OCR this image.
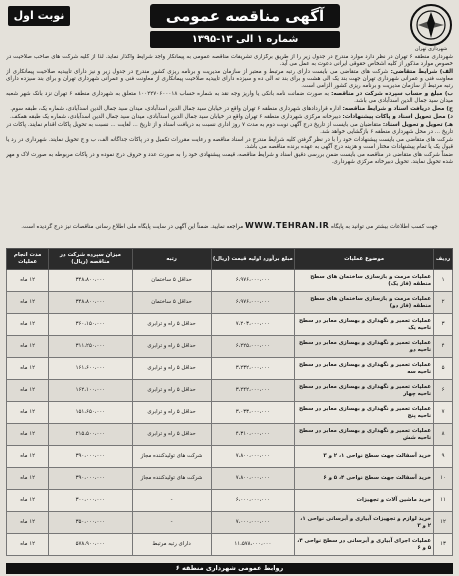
شهرداری تهران
آگهی مناقصه عمومی
شماره ۱ الی ۱۳-۱۳۹۵
نوبت اول

شهرداری منطقه ۶ تهران در نظر دارد موارد مندرج در جدول زیر را از طریق برگزاری تشریفات مناقصه عمومی به پیمانکار واجد شرایط واگذار نماید. لذا از کلیه شرکت های صاحب صلاحیت در خصوص موارد مذکور از کلیه اشخاص حقوقی ایرانی دعوت به عمل می آید.

الف) شرایط متقاضی: شرکت های متقاضی می بایست دارای رتبه مرتبط و معتبر از سازمان مدیریت و برنامه ریزی کشور مندرج در جدول زیر و نیز دارای تاییدیه صلاحیت پیمانکاری از معاونت فنی و عمرانی شهرداری تهران جهت بند یک الی هشت و برای بند نه الی ده و سیزده دارای تاییدیه صلاحیت پیمانکاری از معاونت فنی و عمرانی شهرداری تهران و برای بند سیزده دارای رتبه مرتبط از سازمان مدیریت و برنامه ریزی کشور الزامی است.

ب) مبلغ و حساب سپرده شرکت در مناقصه: به صورت ضمانت نامه بانکی یا واریز وجه نقد به شماره حساب ۱۰۰۲۲۷۰۶۰۰۰۱۸ متعلق به شهرداری منطقه ۶ تهران نزد بانک شهر شعبه میدان سید جمال الدین اسدآبادی می باشد.

ج) محل دریافت اسناد و شرایط مناقصه: اداره قراردادهای شهرداری منطقه ۶ تهران واقع در خیابان سید جمال الدین اسدآبادی، میدان سید جمال الدین اسدآبادی، شماره یک، طبقه سوم.

د) محل تحویل اسناد و پاکات پیشنهادات: دبیرخانه مرکزی شهرداری منطقه ۶ تهران واقع در خیابان سید جمال الدین اسدآبادی، میدان سید جمال الدین اسدآبادی، شماره یک طبقه همکف.

هـ) تحویل و تحویل اسناد: متقاضیان می بایست از تاریخ درج آگهی نوبت دوم به مدت ۷ روز اداری نسبت به دریافت اسناد و از تاریخ ... لغایت ... نسبت به تحویل پاکات اقدام نمایند. پاکات در تاریخ ... در محل شهرداری منطقه ۶ بازگشایی خواهد شد.

شرکت های متقاضی می بایست پیشنهادات خود را با در نظر گرفتن کلیه شرایط مندرج در اسناد مناقصه و رعایت مقررات تکمیل و در پاکات جداگانه الف، ب و ج تحویل نمایند. شهرداری در رد یا قبول یک یا تمام پیشنهادات مختار است و هزینه درج آگهی به عهده برنده مناقصه می باشد.

ضمناً شرکت های متقاضی در مناقصه می بایست ضمن بررسی دقیق اسناد و شرایط مناقصه، قیمت پیشنهادی خود را به صورت عدد و حروف درج نموده و در پاکات مربوطه به صورت لاک و مهر شده تحویل نمایند. تحویل دبیرخانه مرکزی شهرداری.

جهت کسب اطلاعات بیشتر می توانید به پایگاه WWW.TEHRAN.IR مراجعه نمایید. ضمناً این آگهی در سایت پایگاه ملی اطلاع رسانی مناقصات نیز درج گردیده است.
ردیف	موضوع عملیات	مبلغ برآورد اولیه قیمت (ریال)	رتبه	میزان سپرده شرکت در مناقصه (ریال)	مدت انجام عملیات
۱	عملیات مرمت و بازسازی ساختمان های سطح منطقه (فاز یک)	۶،۹۷۶،۰۰۰،۰۰۰	حداقل ۵ ساختمان	۳۴۸،۸۰۰،۰۰۰	۱۲ ماه
۲	عملیات مرمت و بازسازی ساختمان های سطح منطقه (فاز دو)	۶،۹۷۶،۰۰۰،۰۰۰	حداقل ۵ ساختمان	۳۴۸،۸۰۰،۰۰۰	۱۲ ماه
۳	عملیات تعمیر و نگهداری و بهسازی معابر در سطح ناحیه یک	۷،۲۰۳،۰۰۰،۰۰۰	حداقل ۵ راه و ترابری	۳۶۰،۱۵۰،۰۰۰	۱۲ ماه
۴	عملیات تعمیر و نگهداری و بهسازی معابر در سطح ناحیه دو	۶،۲۲۵،۰۰۰،۰۰۰	حداقل ۵ راه و ترابری	۳۱۱،۲۵۰،۰۰۰	۱۲ ماه
۵	عملیات تعمیر و نگهداری و بهسازی معابر در سطح ناحیه سه	۳،۲۳۲،۰۰۰،۰۰۰	حداقل ۵ راه و ترابری	۱۶۱،۶۰۰،۰۰۰	۱۲ ماه
۶	عملیات تعمیر و نگهداری و بهسازی معابر در سطح ناحیه چهار	۳،۲۴۲،۰۰۰،۰۰۰	حداقل ۵ راه و ترابری	۱۶۲،۱۰۰،۰۰۰	۱۲ ماه
۷	عملیات تعمیر و نگهداری و بهسازی معابر در سطح ناحیه پنج	۳،۰۳۳،۰۰۰،۰۰۰	حداقل ۵ راه و ترابری	۱۵۱،۶۵۰،۰۰۰	۱۲ ماه
۸	عملیات تعمیر و نگهداری و بهسازی معابر در سطح ناحیه شش	۴،۳۱۰،۰۰۰،۰۰۰	حداقل ۵ راه و ترابری	۲۱۵،۵۰۰،۰۰۰	۱۲ ماه
۹	خرید آسفالت جهت سطح نواحی ۱، ۲ و ۳	۷،۸۰۰،۰۰۰،۰۰۰	شرکت های تولیدکننده مجاز	۳۹۰،۰۰۰،۰۰۰	۱۲ ماه
۱۰	خرید آسفالت جهت سطح نواحی ۴، ۵ و ۶	۷،۸۰۰،۰۰۰،۰۰۰	شرکت های تولیدکننده مجاز	۳۹۰،۰۰۰،۰۰۰	۱۲ ماه
۱۱	خرید ماشین آلات و تجهیزات	۶،۰۰۰،۰۰۰،۰۰۰	-	۳۰۰،۰۰۰،۰۰۰	۱۲ ماه
۱۲	خرید لوازم و تجهیزات آبیاری و آبرسانی نواحی ۱، ۲ و ۳	۷،۰۰۰،۰۰۰،۰۰۰	-	۳۵۰،۰۰۰،۰۰۰	۱۲ ماه
۱۳	عملیات اجرای آبیاری و آبرسانی در سطح نواحی ۴، ۵ و ۶	۱۱،۵۷۸،۰۰۰،۰۰۰	دارای رتبه مرتبط	۵۷۸،۹۰۰،۰۰۰	۱۲ ماه
روابط عمومی شهرداری منطقه ۶
